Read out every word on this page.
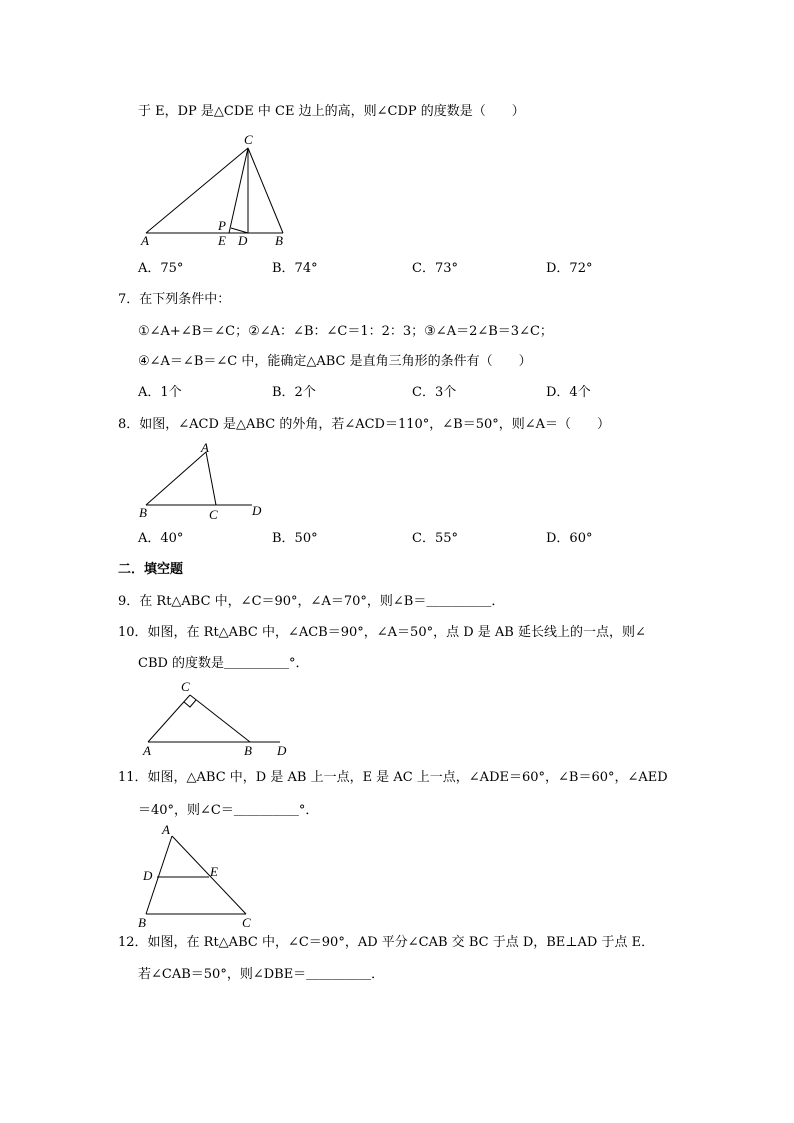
于 E，DP 是△CDE 中 CE 边上的高，则∠CDP 的度数是（　　）
C
P
A	E D B
A．75°	B．74°	C．73°	D．72°
7．在下列条件中：
①∠A+∠B＝∠C；②∠A：∠B：∠C＝1：2：3；③∠A＝2∠B＝3∠C；
④∠A＝∠B＝∠C 中，能确定△ABC 是直角三角形的条件有（　　）
A．1个	B．2个	C．3个	D．4个
8．如图，∠ACD 是△ABC 的外角，若∠ACD＝110°，∠B＝50°，则∠A＝（　　）
A
B	C	D
A．40°	B．50°	C．55°	D．60°
二．填空题
9．在 Rt△ABC 中，∠C＝90°，∠A＝70°，则∠B＝＿＿＿＿＿．
10．如图，在 Rt△ABC 中，∠ACB＝90°，∠A＝50°，点 D 是 AB 延长线上的一点，则∠
CBD 的度数是＿＿＿＿＿°．
C
A	B D
11．如图，△ABC 中，D 是 AB 上一点，E 是 AC 上一点，∠ADE＝60°，∠B＝60°，∠AED
＝40°，则∠C＝＿＿＿＿＿°．
A
D	E
B	C
12．如图，在 Rt△ABC 中，∠C＝90°，AD 平分∠CAB 交 BC 于点 D，BE⊥AD 于点 E．
若∠CAB＝50°，则∠DBE＝＿＿＿＿＿．
